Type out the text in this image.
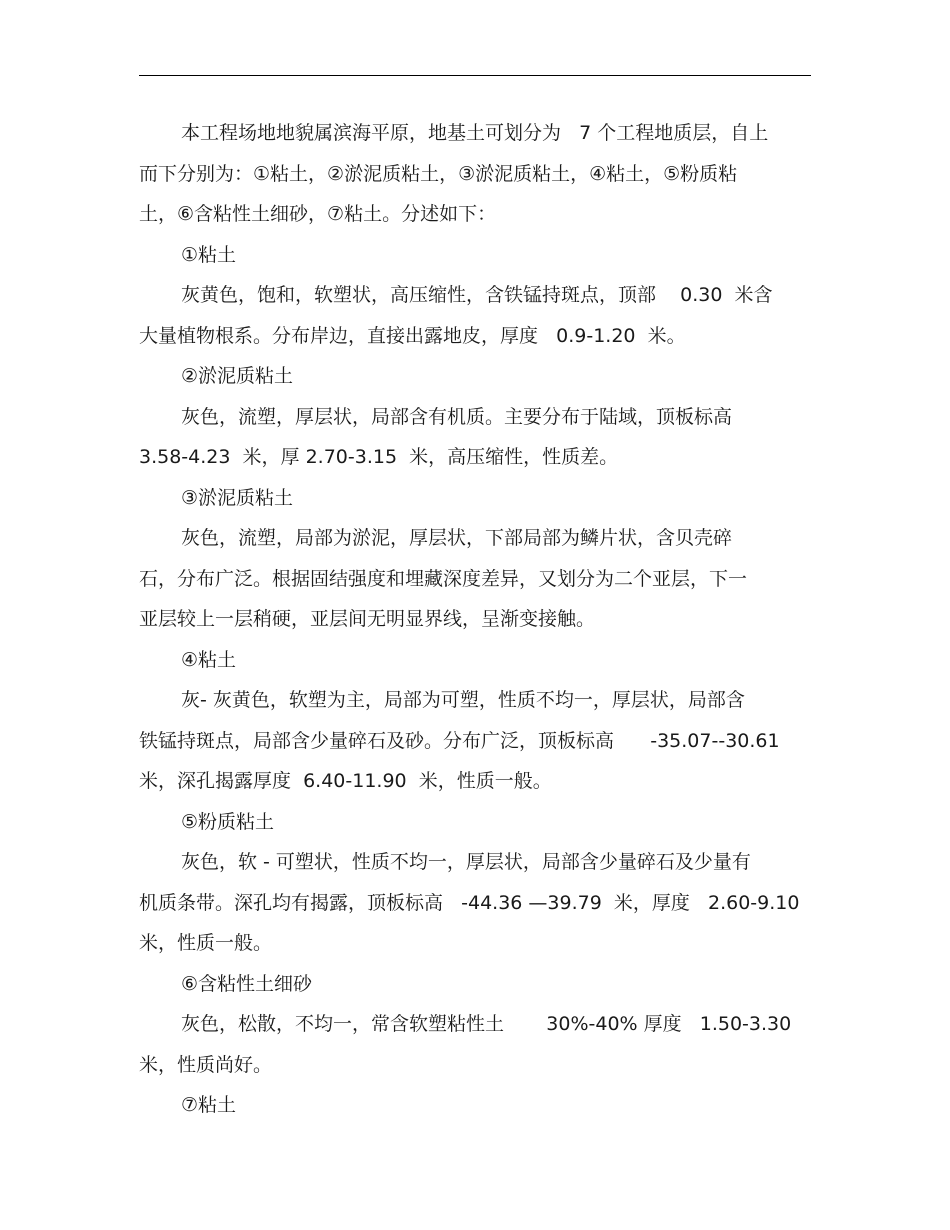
本工程场地地貌属滨海平原，地基土可划分为   7 个工程地质层，自上
而下分别为：①粘土，②淤泥质粘土，③淤泥质粘土，④粘土，⑤粉质粘
土，⑥含粘性土细砂，⑦粘土。分述如下：
①粘土
灰黄色，饱和，软塑状，高压缩性，含铁锰持斑点，顶部    0.30  米含
大量植物根系。分布岸边，直接出露地皮，厚度   0.9-1.20  米。
②淤泥质粘土
灰色，流塑，厚层状，局部含有机质。主要分布于陆域，顶板标高
3.58-4.23  米，厚 2.70-3.15  米，高压缩性，性质差。
③淤泥质粘土
灰色，流塑，局部为淤泥，厚层状，下部局部为鳞片状，含贝壳碎
石，分布广泛。根据固结强度和埋藏深度差异，又划分为二个亚层，下一
亚层较上一层稍硬，亚层间无明显界线，呈渐变接触。
④粘土
灰- 灰黄色，软塑为主，局部为可塑，性质不均一，厚层状，局部含
铁锰持斑点，局部含少量碎石及砂。分布广泛，顶板标高      -35.07--30.61
米，深孔揭露厚度  6.40-11.90  米，性质一般。
⑤粉质粘土
灰色，软 - 可塑状，性质不均一，厚层状，局部含少量碎石及少量有
机质条带。深孔均有揭露，顶板标高   -44.36 —39.79  米，厚度   2.60-9.10
米，性质一般。
⑥含粘性土细砂
灰色，松散，不均一，常含软塑粘性土       30%-40% 厚度   1.50-3.30
米，性质尚好。
⑦粘土
